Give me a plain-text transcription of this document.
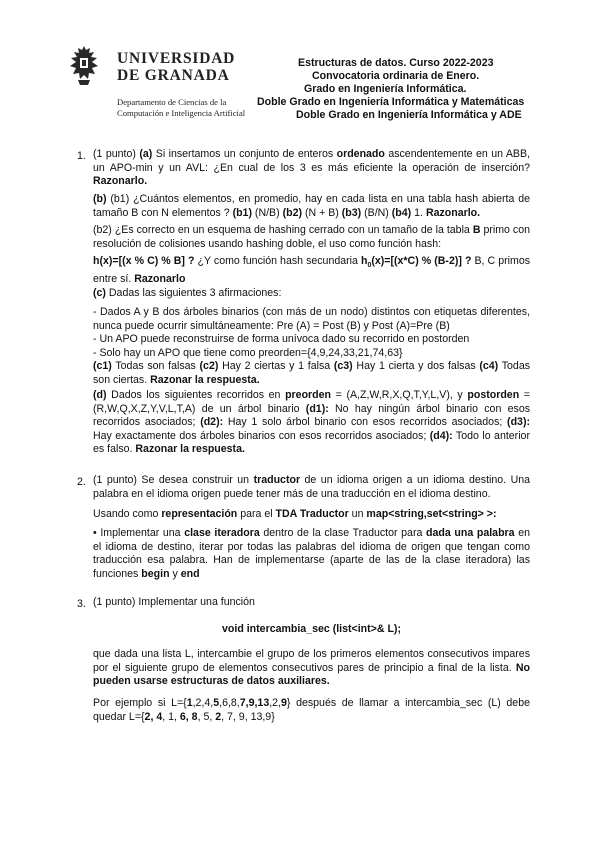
UNIVERSIDAD
DE GRANADA
Departamento de Ciencias de la
Computación e Inteligencia Artificial
Estructuras de datos. Curso 2022-2023
Convocatoria ordinaria de Enero.
Grado en Ingeniería Informática.
Doble Grado en Ingeniería Informática y Matemáticas
Doble Grado en Ingeniería Informática y ADE
1. (1 punto) (a) Si insertamos un conjunto de enteros ordenado ascendentemente en un ABB, un APO-min y un AVL: ¿En cual de los 3 es más eficiente la operación de inserción? Razonarlo.

(b) (b1) ¿Cuántos elementos, en promedio, hay en cada lista en una tabla hash abierta de tamaño B con N elementos ? (b1) (N/B) (b2) (N + B) (b3) (B/N) (b4) 1. Razonarlo.

(b2) ¿Es correcto en un esquema de hashing cerrado con un tamaño de la tabla B primo con resolución de colisiones usando hashing doble, el uso como función hash:

h(x)=[(x % C) % B] ? ¿Y como función hash secundaria $h_0(x)=[(x*C)$ % (B-2)] ? B, C primos entre sí. Razonarlo

(c) Dadas las siguientes 3 afirmaciones:

- Dados A y B dos árboles binarios (con más de un nodo) distintos con etiquetas diferentes, nunca puede ocurrir simultáneamente: Pre (A) = Post (B) y Post (A)=Pre (B)

- Un APO puede reconstruirse de forma unívoca dado su recorrido en postorden

- Solo hay un APO que tiene como preorden={4,9,24,33,21,74,63}

(c1) Todas son falsas (c2) Hay 2 ciertas y 1 falsa (c3) Hay 1 cierta y dos falsas (c4) Todas son ciertas. Razonar la respuesta.

(d) Dados los siguientes recorridos en preorden = (A,Z,W,R,X,Q,T,Y,L,V), y postorden = (R,W,Q,X,Z,Y,V,L,T,A) de un árbol binario (d1): No hay ningún árbol binario con esos recorridos asociados; (d2): Hay 1 solo árbol binario con esos recorridos asociados; (d3): Hay exactamente dos árboles binarios con esos recorridos asociados; (d4): Todo lo anterior es falso. Razonar la respuesta.

2. (1 punto) Se desea construir un traductor de un idioma origen a un idioma destino. Una palabra en el idioma origen puede tener más de una traducción en el idioma destino.

Usando como representación para el TDA Traductor un map<string,set<string> >:

• Implementar una clase iteradora dentro de la clase Traductor para dada una palabra en el idioma de destino, iterar por todas las palabras del idioma de origen que tengan como traducción esa palabra. Han de implementarse (aparte de las de la clase iteradora) las funciones begin y end

3. (1 punto) Implementar una función
void intercambia_sec (list<int>& L);

que dada una lista L, intercambie el grupo de los primeros elementos consecutivos impares por el siguiente grupo de elementos consecutivos pares de principio a final de la lista. No pueden usarse estructuras de datos auxiliares.

Por ejemplo si L={1,2,4,5,6,8,7,9,13,2,9} después de llamar a intercambia_sec (L) debe quedar L={2, 4, 1, 6, 8, 5, 2, 7, 9, 13,9}
